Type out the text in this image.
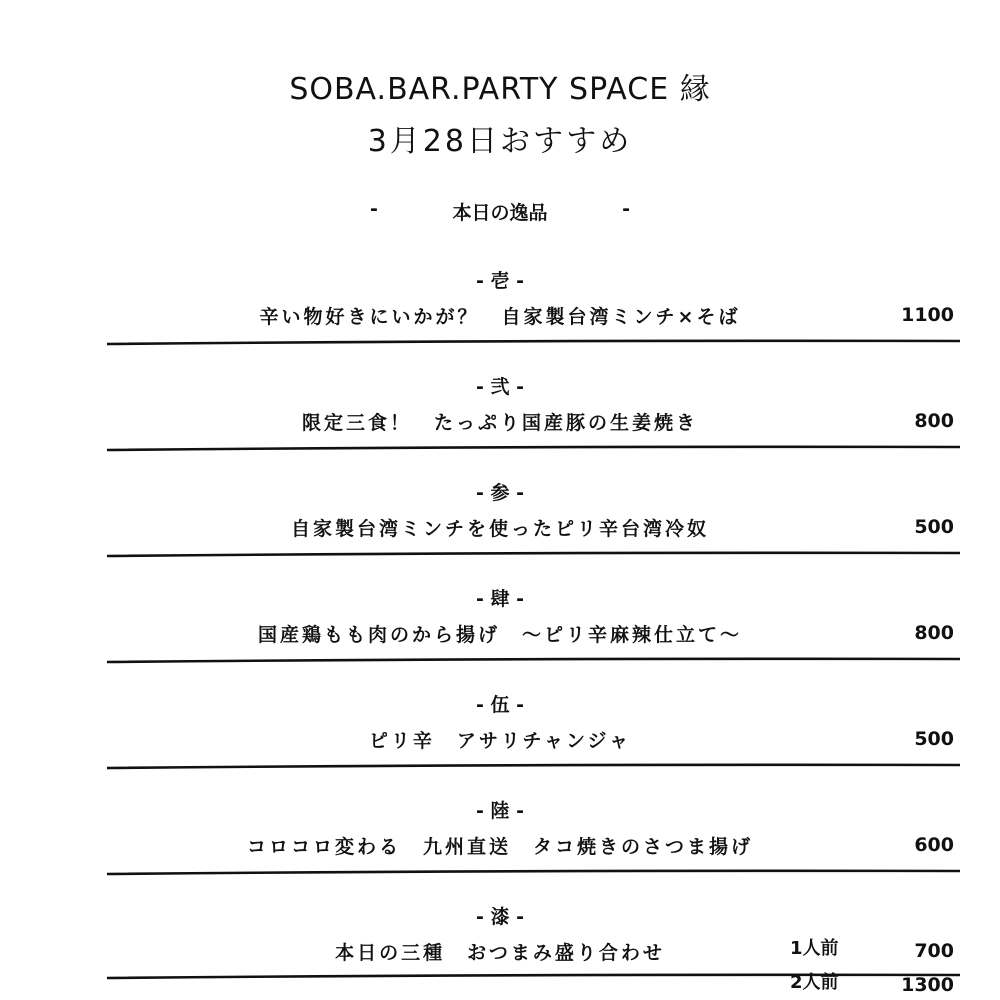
SOBA.BAR.PARTY SPACE 縁
3月28日おすすめ
-	本日の逸品	-
- 壱 -
辛い物好きにいかが？　自家製台湾ミンチ×そば	1100
- 弐 -
限定三食！　たっぷり国産豚の生姜焼き	800
- 参 -
自家製台湾ミンチを使ったピリ辛台湾冷奴	500
- 肆 -
国産鶏もも肉のから揚げ　～ピリ辛麻辣仕立て～	800
- 伍 -
ピリ辛　アサリチャンジャ	500
- 陸 -
コロコロ変わる　九州直送　タコ焼きのさつま揚げ	600
- 漆 -
本日の三種　おつまみ盛り合わせ	1人前	700
2人前	1300
